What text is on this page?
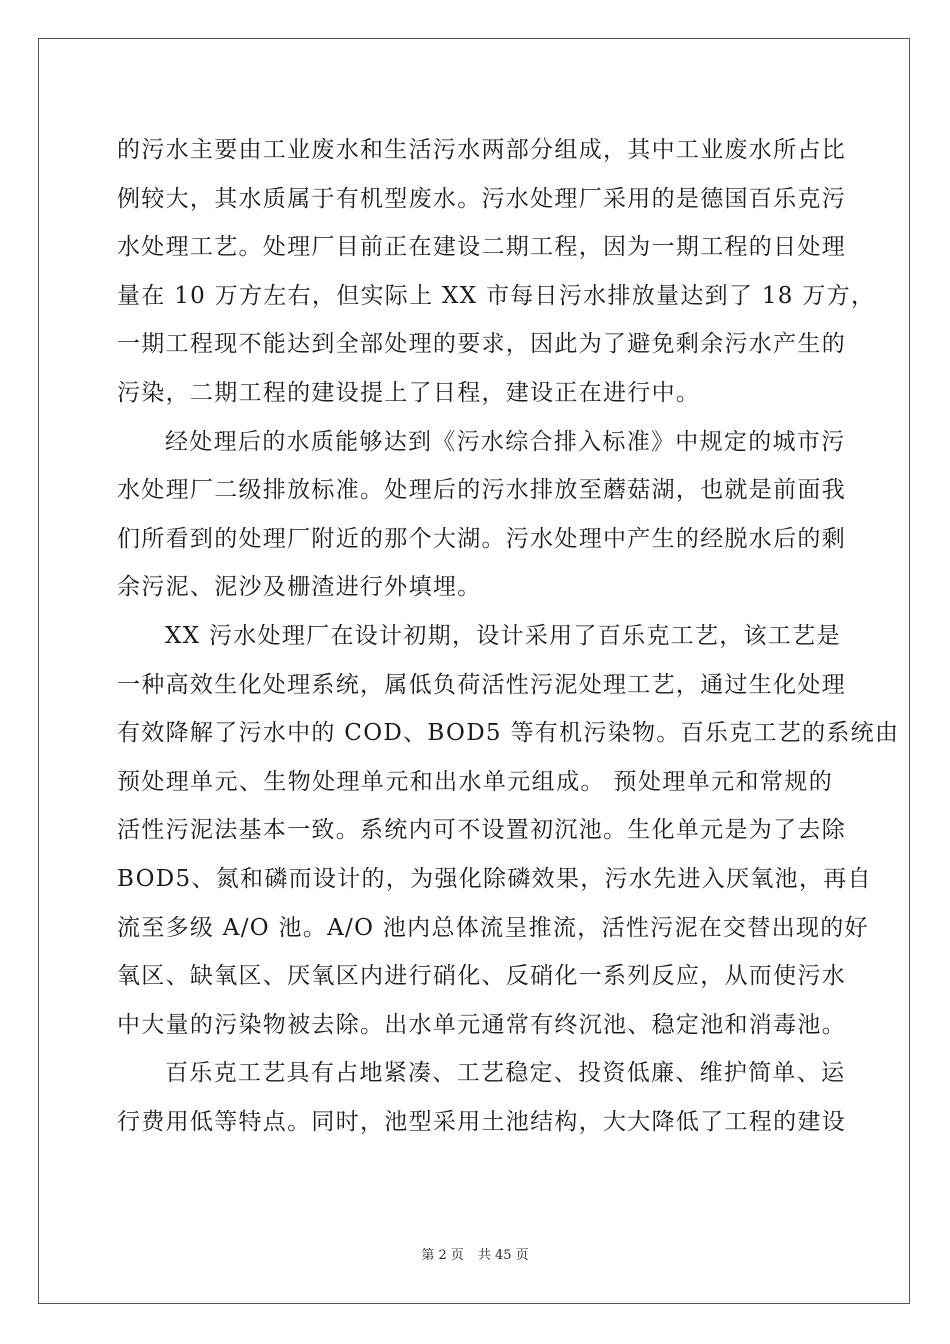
的污水主要由工业废水和生活污水两部分组成，其中工业废水所占比
例较大，其水质属于有机型废水。污水处理厂采用的是德国百乐克污
水处理工艺。处理厂目前正在建设二期工程，因为一期工程的日处理
量在 10 万方左右，但实际上 XX 市每日污水排放量达到了 18 万方，
一期工程现不能达到全部处理的要求，因此为了避免剩余污水产生的
污染，二期工程的建设提上了日程，建设正在进行中。
经处理后的水质能够达到《污水综合排入标准》中规定的城市污
水处理厂二级排放标准。处理后的污水排放至蘑菇湖，也就是前面我
们所看到的处理厂附近的那个大湖。污水处理中产生的经脱水后的剩
余污泥、泥沙及栅渣进行外填埋。
XX 污水处理厂在设计初期，设计采用了百乐克工艺，该工艺是
一种高效生化处理系统，属低负荷活性污泥处理工艺，通过生化处理
有效降解了污水中的 COD、BOD5 等有机污染物。百乐克工艺的系统由
预处理单元、生物处理单元和出水单元组成。 预处理单元和常规的
活性污泥法基本一致。系统内可不设置初沉池。生化单元是为了去除
BOD5、氮和磷而设计的，为强化除磷效果，污水先进入厌氧池，再自
流至多级 A/O 池。A/O 池内总体流呈推流，活性污泥在交替出现的好
氧区、缺氧区、厌氧区内进行硝化、反硝化一系列反应，从而使污水
中大量的污染物被去除。出水单元通常有终沉池、稳定池和消毒池。
百乐克工艺具有占地紧凑、工艺稳定、投资低廉、维护简单、运
行费用低等特点。同时，池型采用土池结构，大大降低了工程的建设
第 2 页 共 45 页
